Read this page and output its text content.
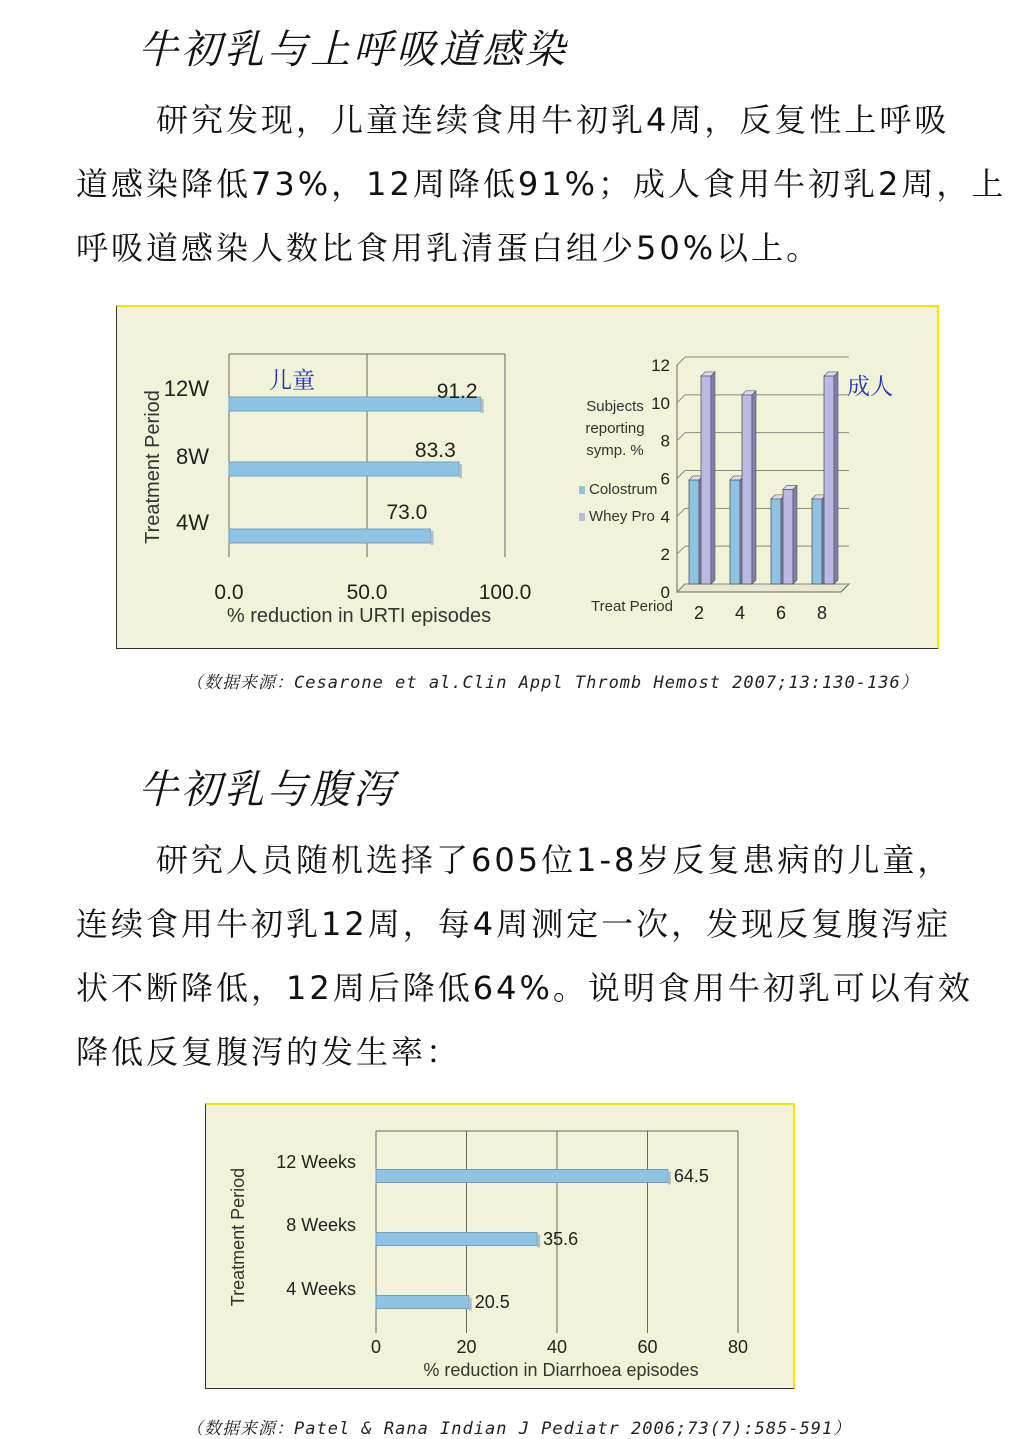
牛初乳与上呼吸道感染
研究发现，儿童连续食用牛初乳4周，反复性上呼吸
道感染降低73%，12周降低91%；成人食用牛初乳2周，上
呼吸道感染人数比食用乳清蛋白组少50%以上。
0.0	50.0	100.0
12W	91.2
8W	83.3
4W	73.0
% reduction in URTI episodes
Treatment Period
儿童
0
2
4
6
8
10
12
2 4 6 8
Subjects
reporting
symp. %
Colostrum
Whey Pro
Treat Period
成人

（数据来源：Cesarone et al.Clin Appl Thromb Hemost 2007;13:130-136）

牛初乳与腹泻
研究人员随机选择了605位1-8岁反复患病的儿童，
连续食用牛初乳12周，每4周测定一次，发现反复腹泻症
状不断降低，12周后降低64%。说明食用牛初乳可以有效
降低反复腹泻的发生率：
0	20	40	60	80
12 Weeks
64.5
8 Weeks
35.6
4 Weeks
20.5
% reduction in Diarrhoea episodes
Treatment Period

（数据来源：Patel & Rana Indian J Pediatr 2006;73(7):585-591）
